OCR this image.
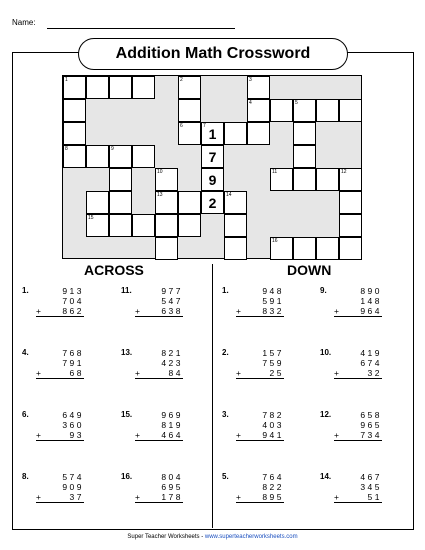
Name:
Addition Math Crossword
1	2	3
4	5
6	7 1
8	9	7
10	9	11	12
13	2	14
15
16
ACROSS	DOWN
1.	913
704
+ 862
4.	768
791
+	68
6.	649
360
+	93
8.	574
909
+	37
11.	977
547
+ 638
13.	821
423
+	84
15.	969
819
+ 464
16.	804
695
+ 178
1.	948
591
+ 832
2.	157
759
+	25
3.	782
403
+ 941
5.	764
822
+ 895
9.	890
148
+ 964
10.	419
674
+	32
12.	658
965
+ 734
14.	467
345
+	51
Super Teacher Worksheets - www.superteacherworksheets.com
